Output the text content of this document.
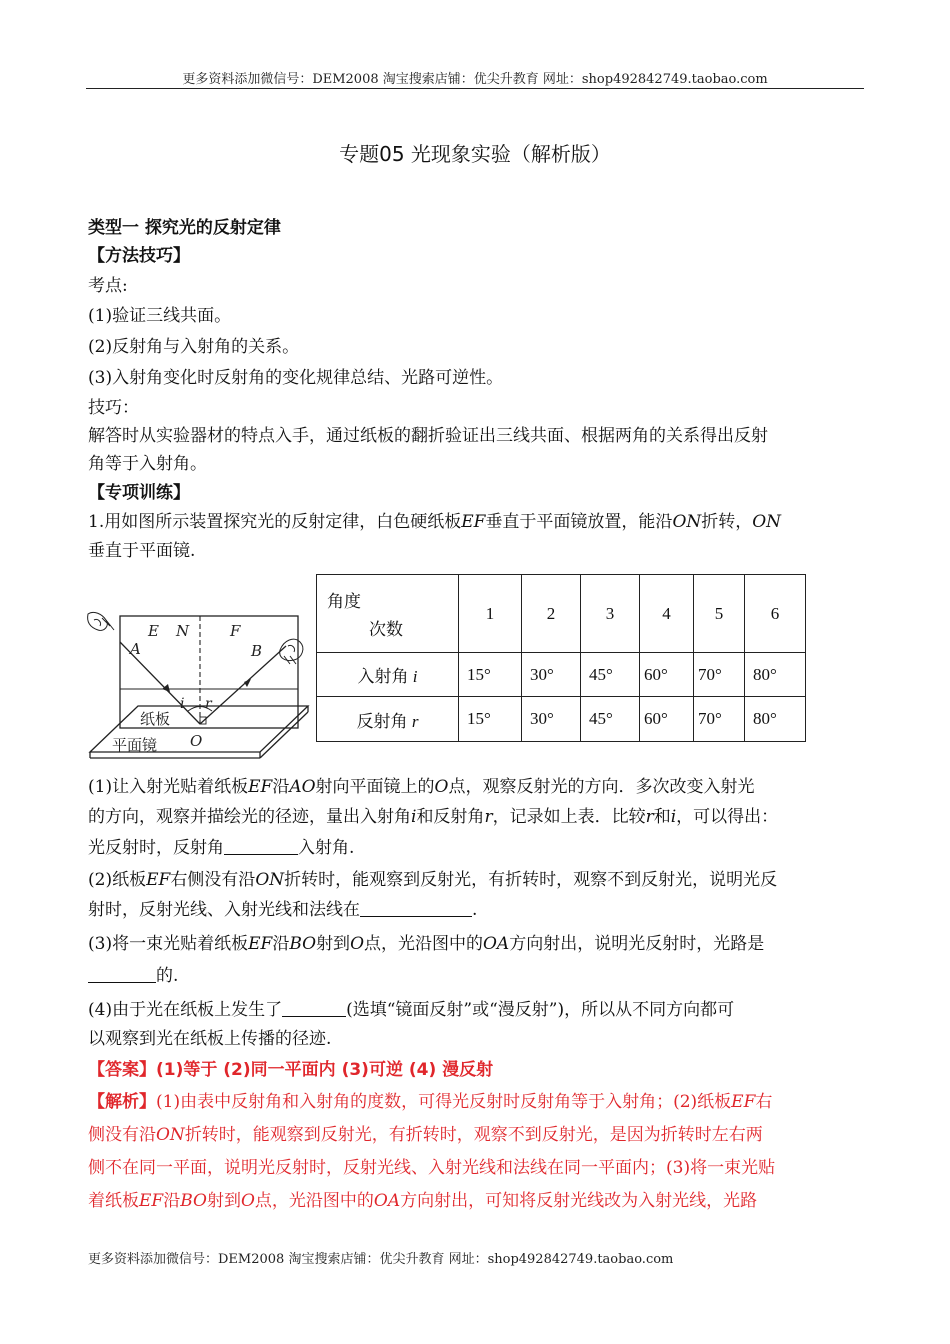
更多资料添加微信号：DEM2008 淘宝搜索店铺：优尖升教育 网址：shop492842749.taobao.com
专题05 光现象实验（解析版）
类型一 探究光的反射定律
【方法技巧】
考点:
(1)验证三线共面。
(2)反射角与入射角的关系。
(3)入射角变化时反射角的变化规律总结、光路可逆性。
技巧：
解答时从实验器材的特点入手，通过纸板的翻折验证出三线共面、根据两角的关系得出反射
角等于入射角。
【专项训练】
1.用如图所示装置探究光的反射定律，白色硬纸板EF垂直于平面镜放置，能沿ON折转，ON
垂直于平面镜.
E N	F
A	B
i r
O
纸板
平面镜
角度
次数	1	2	3	4	5	6
入射角 i	15°	30°	45°	60°	70°	80°
反射角 r	15°	30°	45°	60°	70°	80°
(1)让入射光贴着纸板EF沿AO射向平面镜上的O点，观察反射光的方向．多次改变入射光
的方向，观察并描绘光的径迹，量出入射角i和反射角r，记录如上表．比较r和i，可以得出：
光反射时，反射角	入射角.
(2)纸板EF右侧没有沿ON折转时，能观察到反射光，有折转时，观察不到反射光，说明光反
射时，反射光线、入射光线和法线在	.
(3)将一束光贴着纸板EF沿BO射到O点，光沿图中的OA方向射出，说明光反射时，光路是
的.
(4)由于光在纸板上发生了	(选填“镜面反射”或“漫反射”)，所以从不同方向都可
以观察到光在纸板上传播的径迹.
【答案】(1)等于 (2)同一平面内 (3)可逆 (4) 漫反射
【解析】(1)由表中反射角和入射角的度数，可得光反射时反射角等于入射角；(2)纸板EF右
侧没有沿ON折转时，能观察到反射光，有折转时，观察不到反射光，是因为折转时左右两
侧不在同一平面，说明光反射时，反射光线、入射光线和法线在同一平面内；(3)将一束光贴
着纸板EF沿BO射到O点，光沿图中的OA方向射出，可知将反射光线改为入射光线，光路
更多资料添加微信号：DEM2008 淘宝搜索店铺：优尖升教育 网址：shop492842749.taobao.com
